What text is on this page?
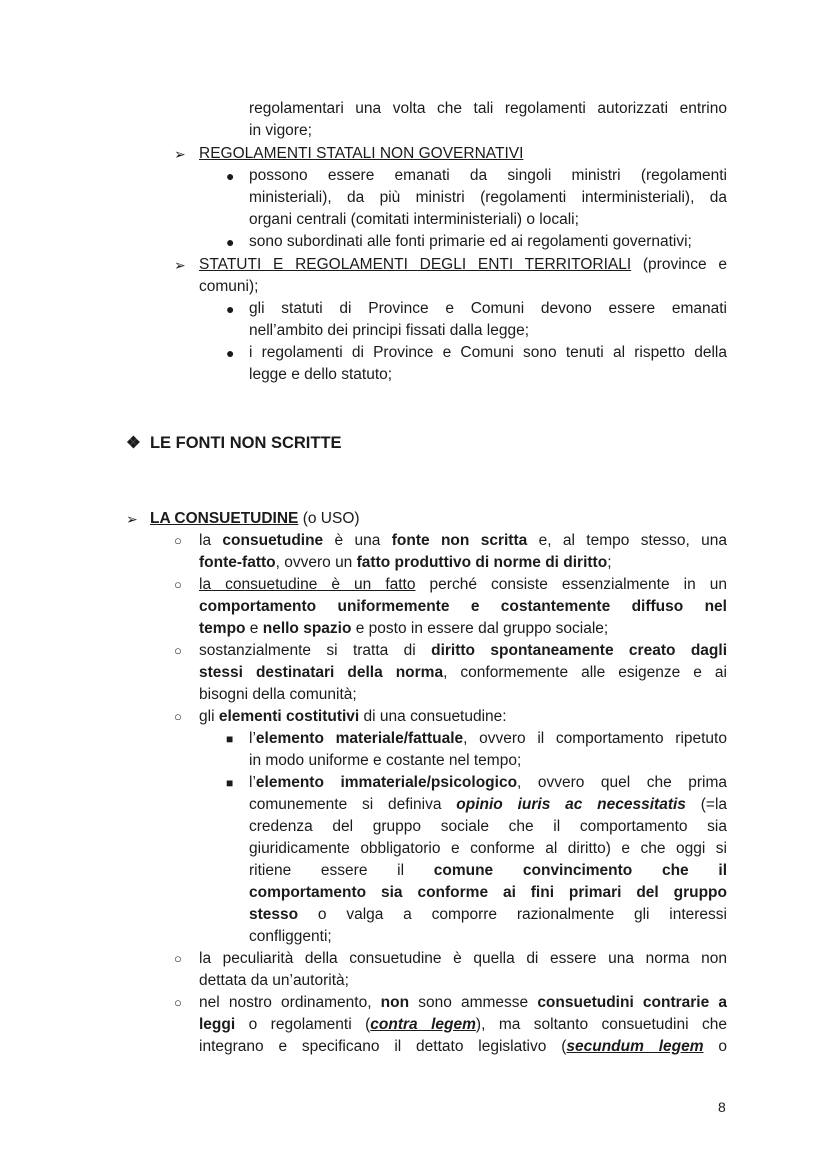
regolamentari una volta che tali regolamenti autorizzati entrino
in vigore;
➢ REGOLAMENTI STATALI NON GOVERNATIVI
● possono essere emanati da singoli ministri (regolamenti
ministeriali), da più ministri (regolamenti interministeriali), da
organi centrali (comitati interministeriali) o locali;
● sono subordinati alle fonti primarie ed ai regolamenti governativi;
➢ STATUTI E REGOLAMENTI DEGLI ENTI TERRITORIALI (province e
comuni);
● gli statuti di Province e Comuni devono essere emanati
nell’ambito dei principi fissati dalla legge;
● i regolamenti di Province e Comuni sono tenuti al rispetto della
legge e dello statuto;
❖ LE FONTI NON SCRITTE
➢ LA CONSUETUDINE (o USO)
○ la consuetudine è una fonte non scritta e, al tempo stesso, una
fonte-fatto, ovvero un fatto produttivo di norme di diritto;
○ la consuetudine è un fatto perché consiste essenzialmente in un
comportamento uniformemente e costantemente diffuso nel
tempo e nello spazio e posto in essere dal gruppo sociale;
○ sostanzialmente si tratta di diritto spontaneamente creato dagli
stessi destinatari della norma, conformemente alle esigenze e ai
bisogni della comunità;
○ gli elementi costitutivi di una consuetudine:
■ l’elemento materiale/fattuale, ovvero il comportamento ripetuto
in modo uniforme e costante nel tempo;
■ l’elemento immateriale/psicologico, ovvero quel che prima
comunemente si definiva opinio iuris ac necessitatis (=la
credenza del gruppo sociale che il comportamento sia
giuridicamente obbligatorio e conforme al diritto) e che oggi si
ritiene essere il comune convincimento che il
comportamento sia conforme ai fini primari del gruppo
stesso o valga a comporre razionalmente gli interessi
confliggenti;
○ la peculiarità della consuetudine è quella di essere una norma non
dettata da un’autorità;
○ nel nostro ordinamento, non sono ammesse consuetudini contrarie a
leggi o regolamenti (contra legem), ma soltanto consuetudini che
integrano e specificano il dettato legislativo (secundum legem o
8
